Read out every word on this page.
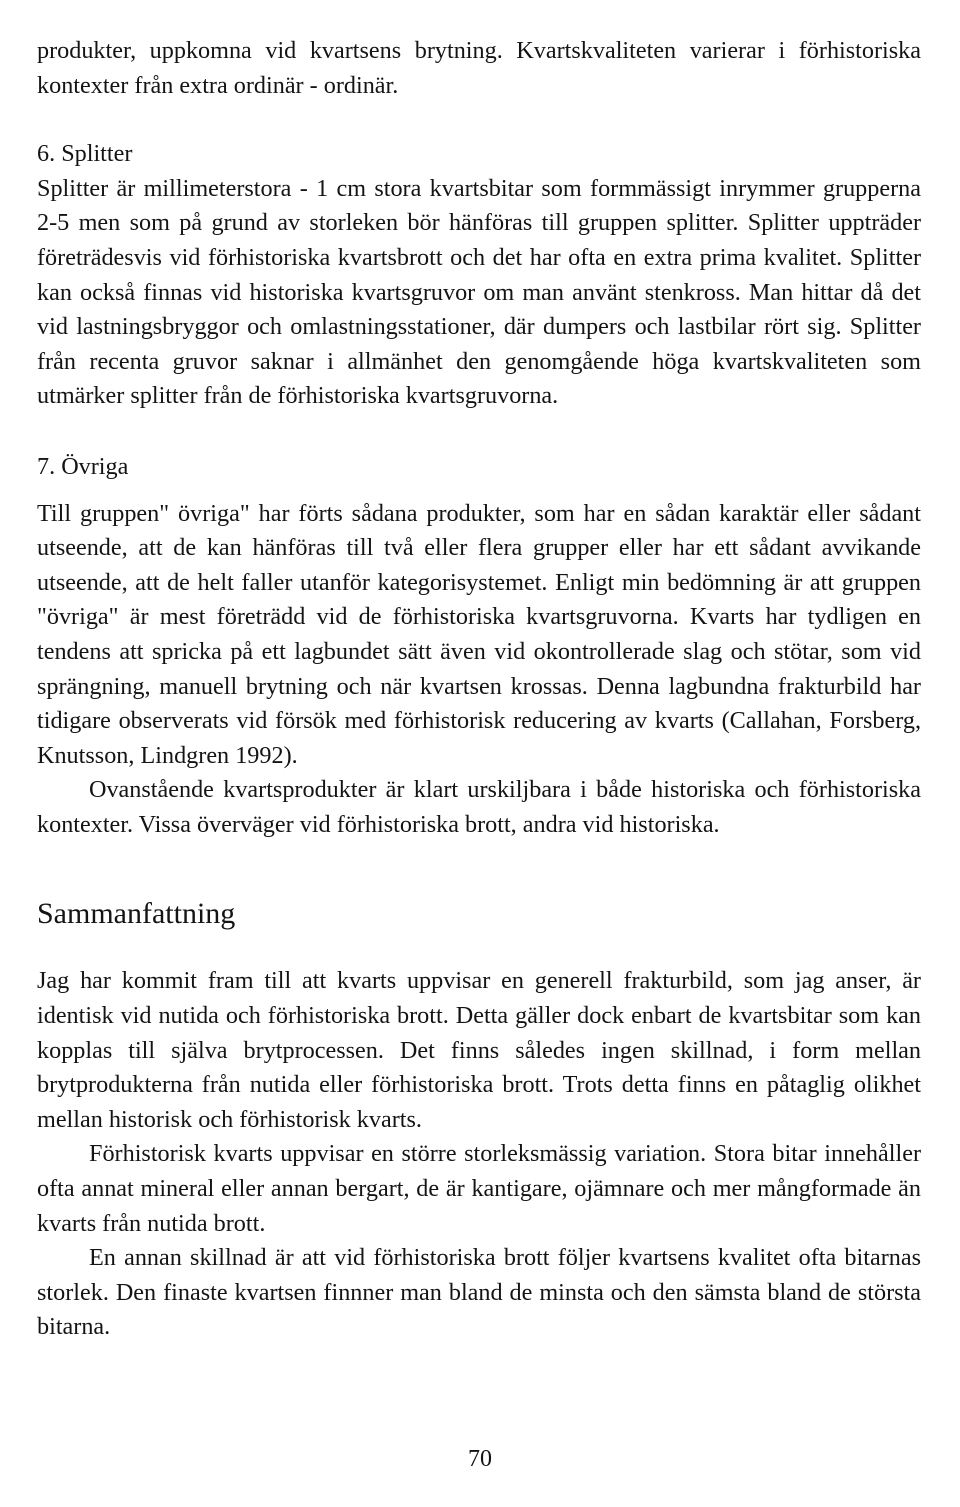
produkter, uppkomna vid kvartsens brytning. Kvartskvaliteten varierar i förhistoriska kontexter från extra ordinär - ordinär.

6. Splitter

Splitter är millimeterstora - 1 cm stora kvartsbitar som formmässigt inrymmer grupperna 2-5 men som på grund av storleken bör hänföras till gruppen splitter. Splitter uppträder företrädesvis vid förhistoriska kvartsbrott och det har ofta en extra prima kvalitet. Splitter kan också finnas vid historiska kvartsgruvor om man använt stenkross. Man hittar då det vid lastningsbryggor och omlastningsstationer, där dumpers och lastbilar rört sig. Splitter från recenta gruvor saknar i allmänhet den genomgående höga kvartskvaliteten som utmärker splitter från de förhistoriska kvartsgruvorna.

7. Övriga

Till gruppen" övriga" har förts sådana produkter, som har en sådan karaktär eller sådant utseende, att de kan hänföras till två eller flera grupper eller har ett sådant avvikande utseende, att de helt faller utanför kategorisystemet. Enligt min bedömning är att gruppen "övriga" är mest företrädd vid de förhistoriska kvartsgruvorna. Kvarts har tydligen en tendens att spricka på ett lagbundet sätt även vid okontrollerade slag och stötar, som vid sprängning, manuell brytning och när kvartsen krossas. Denna lagbundna frakturbild har tidigare observerats vid försök med förhistorisk reducering av kvarts (Callahan, Forsberg, Knutsson, Lindgren 1992).

Ovanstående kvartsprodukter är klart urskiljbara i både historiska och förhistoriska kontexter. Vissa överväger vid förhistoriska brott, andra vid historiska.

Sammanfattning

Jag har kommit fram till att kvarts uppvisar en generell frakturbild, som jag anser, är identisk vid nutida och förhistoriska brott. Detta gäller dock enbart de kvartsbitar som kan kopplas till själva brytprocessen. Det finns således ingen skillnad, i form mellan brytprodukterna från nutida eller förhistoriska brott. Trots detta finns en påtaglig olikhet mellan historisk och förhistorisk kvarts.

Förhistorisk kvarts uppvisar en större storleksmässig variation. Stora bitar innehåller ofta annat mineral eller annan bergart, de är kantigare, ojämnare och mer mångformade än kvarts från nutida brott.

En annan skillnad är att vid förhistoriska brott följer kvartsens kvalitet ofta bitarnas storlek. Den finaste kvartsen finnner man bland de minsta och den sämsta bland de största bitarna.

70
